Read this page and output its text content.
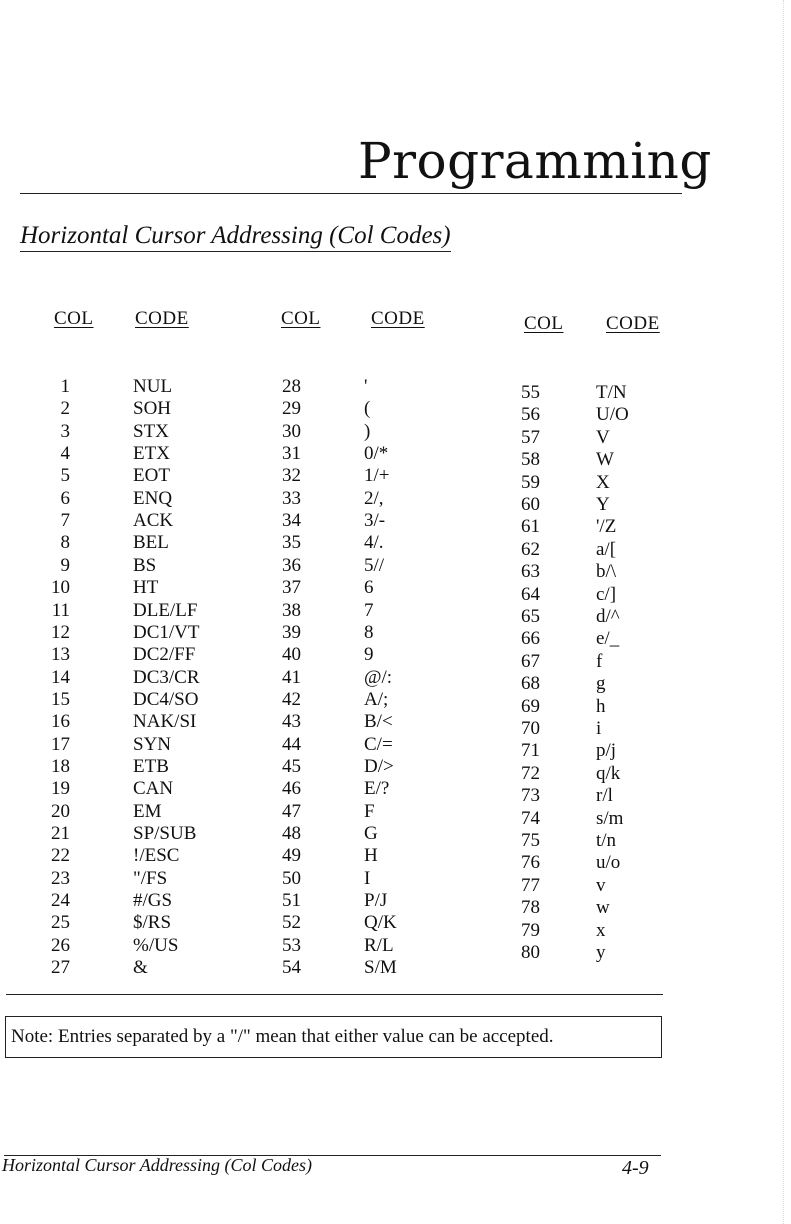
Programming
Horizontal Cursor Addressing (Col Codes)
COL CODE
1	NUL
2	SOH
3	STX
4	ETX
5	EOT
6	ENQ
7	ACK
8	BEL
9	BS
10	HT
11	DLE/LF
12	DC1/VT
13	DC2/FF
14	DC3/CR
15	DC4/SO
16	NAK/SI
17	SYN
18	ETB
19	CAN
20	EM
21	SP/SUB
22	!/ESC
23	"/FS
24	#/GS
25	$/RS
26	%/US
27	&
COL	CODE
28	'
29	(
30	)
31	0/*
32	1/+
33	2/,
34	3/-
35	4/.
36	5//
37	6
38	7
39	8
40	9
41	@/:
42	A/;
43	B/<
44	C/=
45	D/>
46	E/?
47	F
48	G
49	H
50	I
51	P/J
52	Q/K
53	R/L
54	S/M
COL CODE
55	T/N
56	U/O
57	V
58	W
59	X
60	Y
61	'/Z
62	a/[
63	b/\
64	c/]
65	d/^
66	e/_
67	f
68	g
69	h
70	i
71	p/j
72	q/k
73	r/l
74	s/m
75	t/n
76	u/o
77	v
78	w
79	x
80	y
Note: Entries separated by a "/" mean that either value can be accepted.
Horizontal Cursor Addressing (Col Codes)	4-9
